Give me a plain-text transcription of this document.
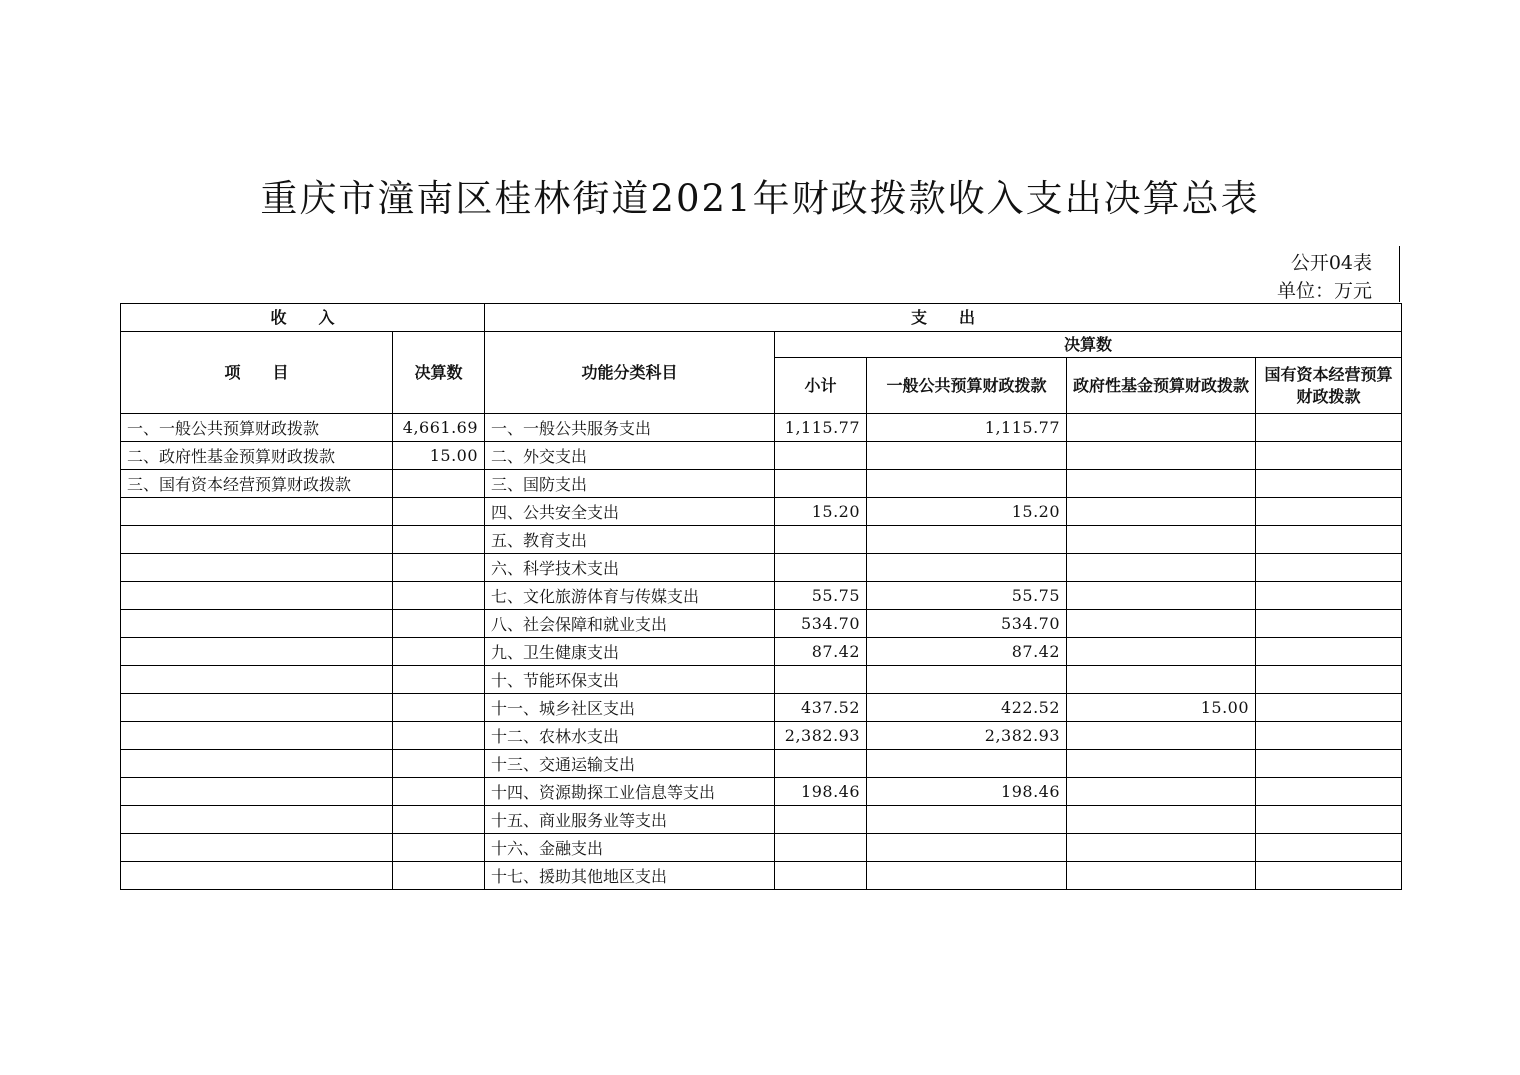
重庆市潼南区桂林街道2021年财政拨款收入支出决算总表
公开04表
单位：万元
收　　入		支　　出				
项　　目	决算数	功能分类科目	决算数			
			小计	一般公共预算财政拨款	政府性基金预算财政拨款	国有资本经营预算财政拨款
一、一般公共预算财政拨款	4,661.69	一、一般公共服务支出	1,115.77	1,115.77		
二、政府性基金预算财政拨款	15.00	二、外交支出				
三、国有资本经营预算财政拨款		三、国防支出				
		四、公共安全支出	15.20	15.20		
		五、教育支出				
		六、科学技术支出				
		七、文化旅游体育与传媒支出	55.75	55.75		
		八、社会保障和就业支出	534.70	534.70		
		九、卫生健康支出	87.42	87.42		
		十、节能环保支出				
		十一、城乡社区支出	437.52	422.52	15.00	
		十二、农林水支出	2,382.93	2,382.93		
		十三、交通运输支出				
		十四、资源勘探工业信息等支出	198.46	198.46		
		十五、商业服务业等支出				
		十六、金融支出				
		十七、援助其他地区支出				
